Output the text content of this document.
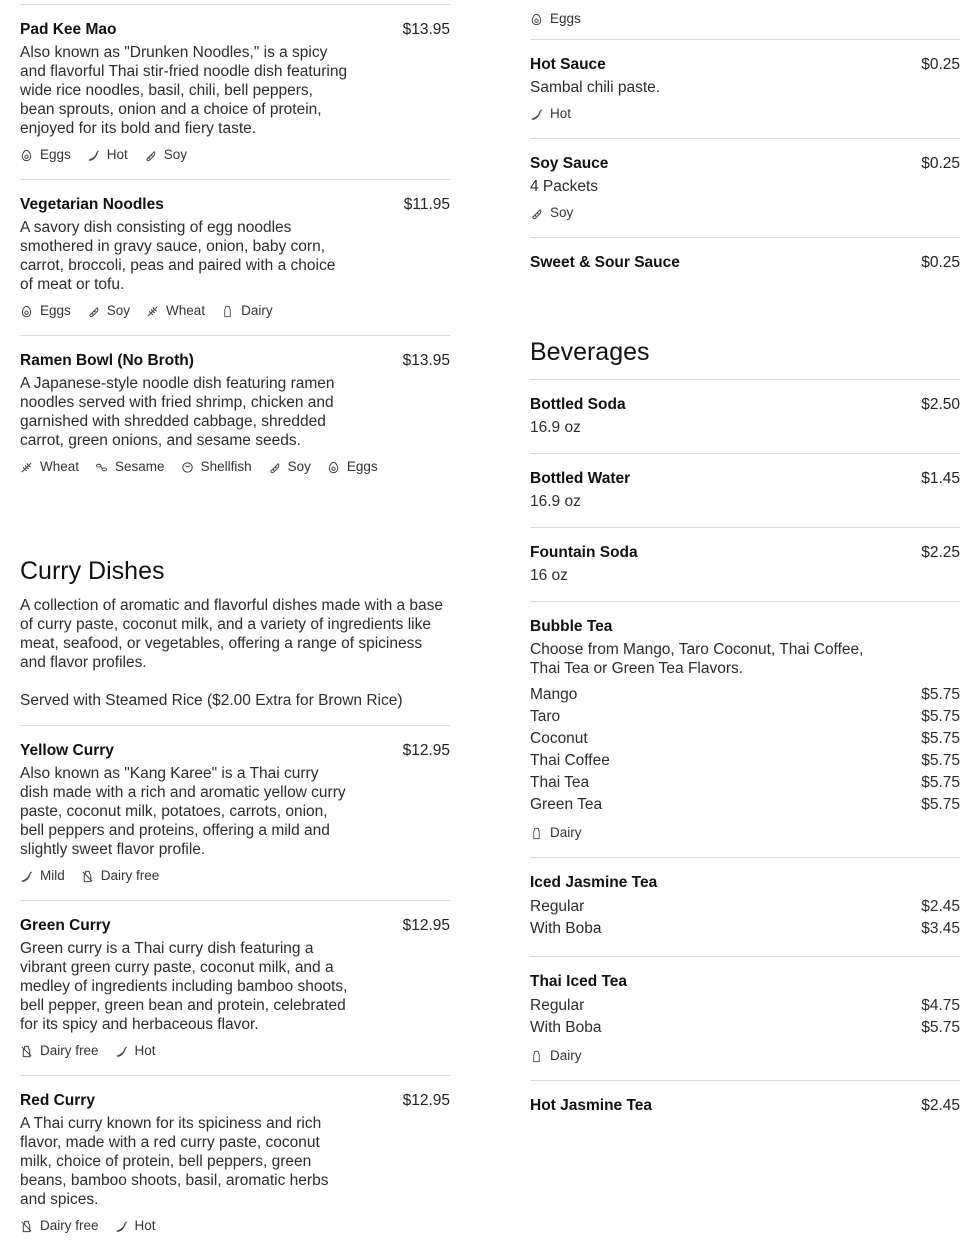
Pad Kee Mao	$13.95
Also known as "Drunken Noodles," is a spicy and flavorful Thai stir-fried noodle dish featuring wide rice noodles, basil, chili, bell peppers, bean sprouts, onion and a choice of protein, enjoyed for its bold and fiery taste.
Eggs	Hot	Soy
Vegetarian Noodles	$11.95
A savory dish consisting of egg noodles smothered in gravy sauce, onion, baby corn, carrot, broccoli, peas and paired with a choice of meat or tofu.
Eggs	Soy	Wheat	Dairy
Ramen Bowl (No Broth)	$13.95
A Japanese-style noodle dish featuring ramen noodles served with fried shrimp, chicken and garnished with shredded cabbage, shredded carrot, green onions, and sesame seeds.
Wheat	Sesame	Shellfish	Soy	Eggs
Curry Dishes
A collection of aromatic and flavorful dishes made with a base of curry paste, coconut milk, and a variety of ingredients like meat, seafood, or vegetables, offering a range of spiciness and flavor profiles.
Served with Steamed Rice ($2.00 Extra for Brown Rice)
Yellow Curry	$12.95
Also known as "Kang Karee" is a Thai curry dish made with a rich and aromatic yellow curry paste, coconut milk, potatoes, carrots, onion, bell peppers and proteins, offering a mild and slightly sweet flavor profile.
Mild	Dairy free
Green Curry	$12.95
Green curry is a Thai curry dish featuring a vibrant green curry paste, coconut milk, and a medley of ingredients including bamboo shoots, bell pepper, green bean and protein, celebrated for its spicy and herbaceous flavor.
Dairy free	Hot
Red Curry	$12.95
A Thai curry known for its spiciness and rich flavor, made with a red curry paste, coconut milk, choice of protein, bell peppers, green beans, bamboo shoots, basil, aromatic herbs and spices.
Dairy free	Hot
Eggs
Hot Sauce	$0.25
Sambal chili paste.
Hot
Soy Sauce	$0.25
4 Packets
Soy
Sweet & Sour Sauce	$0.25
Beverages
Bottled Soda	$2.50
16.9 oz
Bottled Water	$1.45
16.9 oz
Fountain Soda	$2.25
16 oz
Bubble Tea
Choose from Mango, Taro Coconut, Thai Coffee, Thai Tea or Green Tea Flavors.
Mango	$5.75
Taro	$5.75
Coconut	$5.75
Thai Coffee	$5.75
Thai Tea	$5.75
Green Tea	$5.75
Dairy
Iced Jasmine Tea
Regular	$2.45
With Boba	$3.45
Thai Iced Tea
Regular	$4.75
With Boba	$5.75
Dairy
Hot Jasmine Tea	$2.45
